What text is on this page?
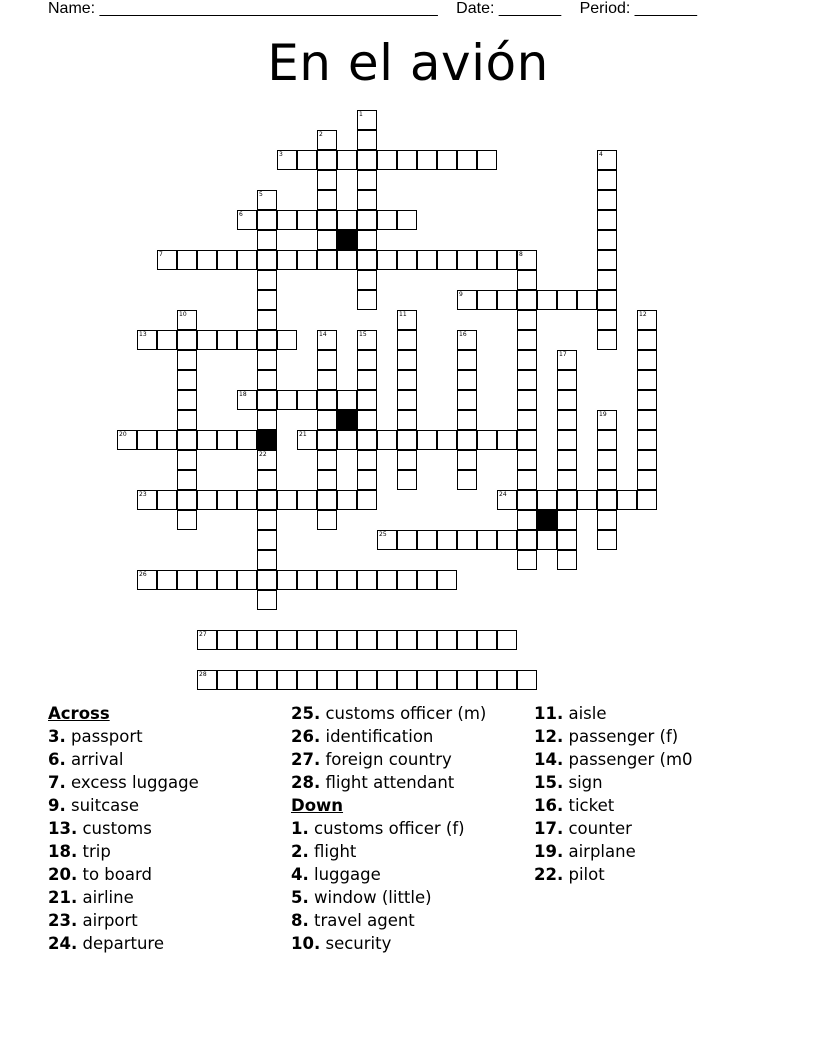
Name: ______________________________________ Date: _______ Period: _______
En el avión
3
6
7	8
9
13
18
20	21
23	24
25
26
27
28
1
2
4
5
22
10	11	12
14	15	16
17
19
Across
3. passport
6. arrival
7. excess luggage
9. suitcase
13. customs
18. trip
20. to board
21. airline
23. airport
24. departure
25. customs officer (m)
26. identification
27. foreign country
28. flight attendant
Down
1. customs officer (f)
2. flight
4. luggage
5. window (little)
8. travel agent
10. security
11. aisle
12. passenger (f)
14. passenger (m0
15. sign
16. ticket
17. counter
19. airplane
22. pilot
